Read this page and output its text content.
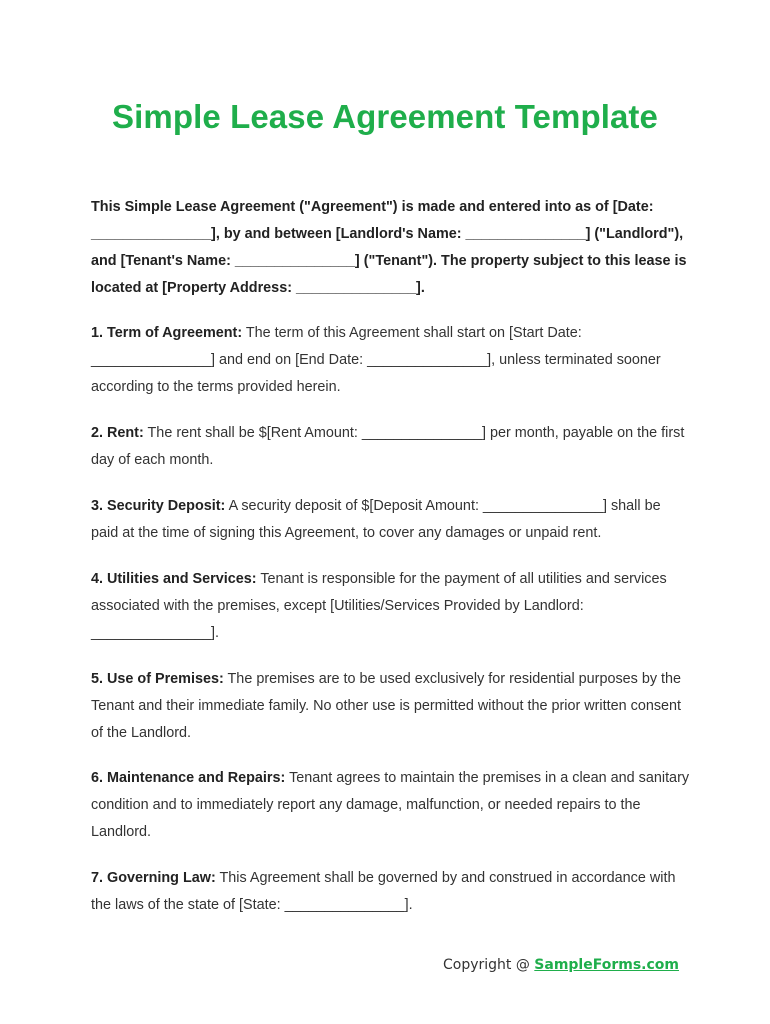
Simple Lease Agreement Template

This Simple Lease Agreement ("Agreement") is made and entered into as of [Date: _______________], by and between [Landlord's Name: _______________] ("Landlord"), and [Tenant's Name: _______________] ("Tenant"). The property subject to this lease is located at [Property Address: _______________].

1. Term of Agreement: The term of this Agreement shall start on [Start Date: _______________] and end on [End Date: _______________], unless terminated sooner according to the terms provided herein.

2. Rent: The rent shall be $[Rent Amount: _______________] per month, payable on the first day of each month.

3. Security Deposit: A security deposit of $[Deposit Amount: _______________] shall be paid at the time of signing this Agreement, to cover any damages or unpaid rent.

4. Utilities and Services: Tenant is responsible for the payment of all utilities and services associated with the premises, except [Utilities/Services Provided by Landlord: _______________].

5. Use of Premises: The premises are to be used exclusively for residential purposes by the Tenant and their immediate family. No other use is permitted without the prior written consent of the Landlord.

6. Maintenance and Repairs: Tenant agrees to maintain the premises in a clean and sanitary condition and to immediately report any damage, malfunction, or needed repairs to the Landlord.

7. Governing Law: This Agreement shall be governed by and construed in accordance with the laws of the state of [State: _______________].

Copyright @ SampleForms.com
